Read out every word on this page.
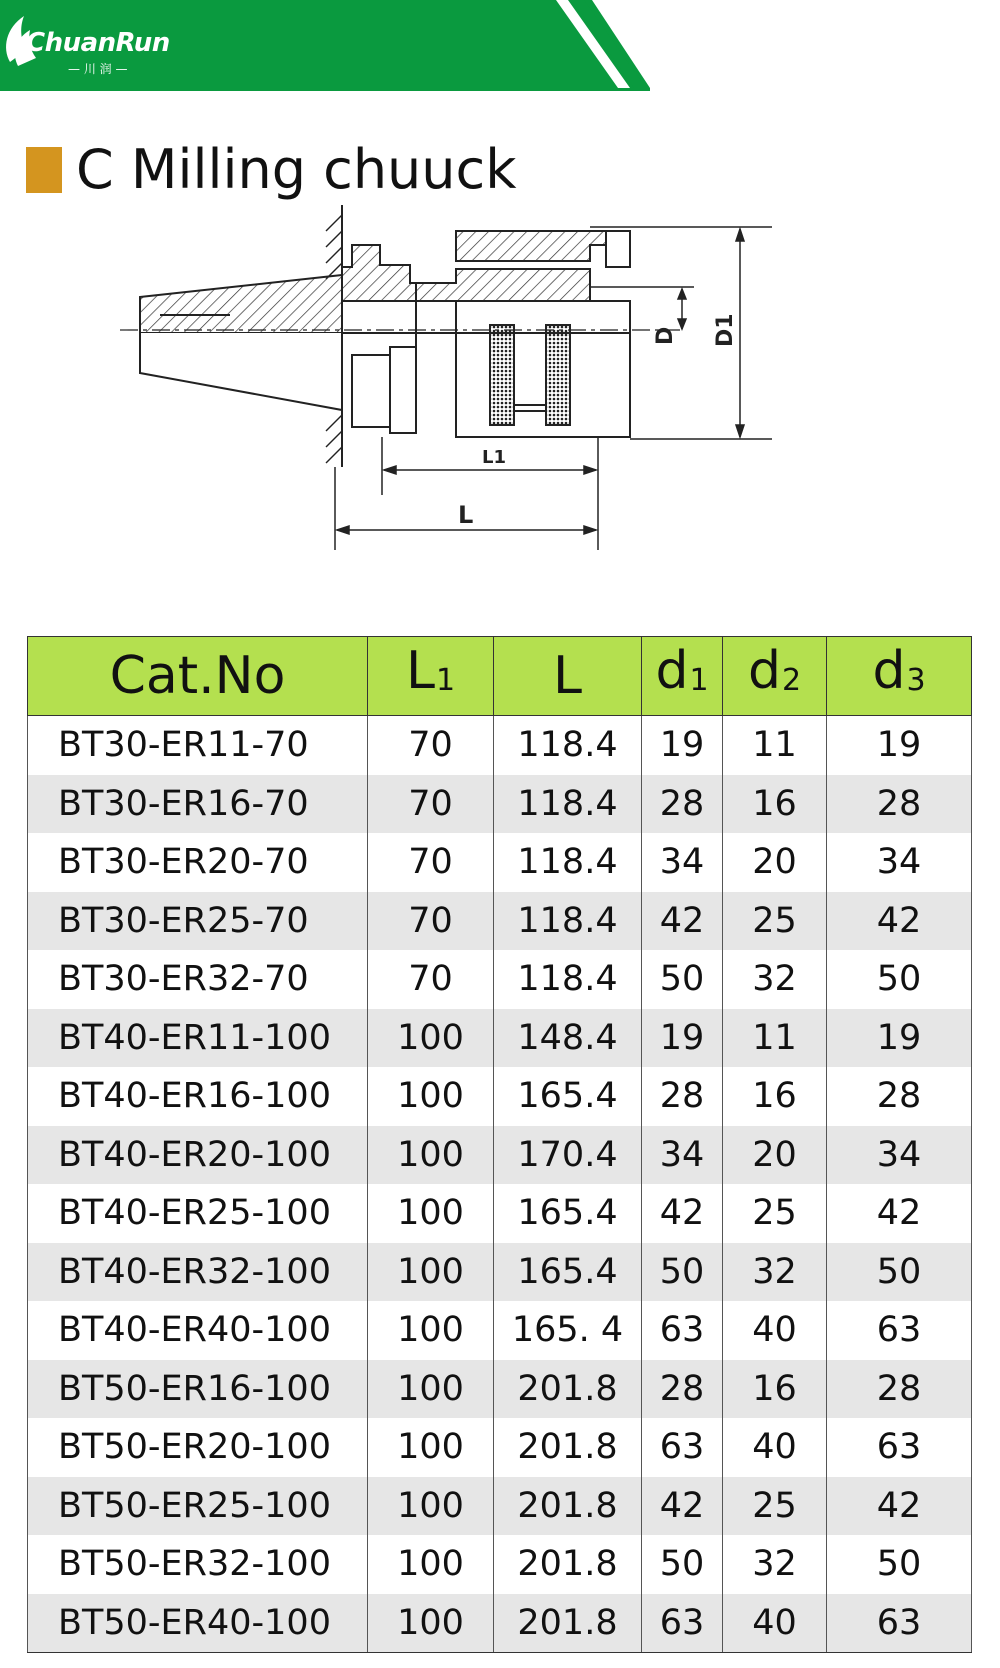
ChuanRun
— 川 润 —
C Milling chuuck
D D1
L1
L
Cat.No	L1	L	d1	d2	d3
BT30-ER11-70	70	118.4	19	11	19
BT30-ER16-70	70	118.4	28	16	28
BT30-ER20-70	70	118.4	34	20	34
BT30-ER25-70	70	118.4	42	25	42
BT30-ER32-70	70	118.4	50	32	50
BT40-ER11-100	100	148.4	19	11	19
BT40-ER16-100	100	165.4	28	16	28
BT40-ER20-100	100	170.4	34	20	34
BT40-ER25-100	100	165.4	42	25	42
BT40-ER32-100	100	165.4	50	32	50
BT40-ER40-100	100	165. 4	63	40	63
BT50-ER16-100	100	201.8	28	16	28
BT50-ER20-100	100	201.8	63	40	63
BT50-ER25-100	100	201.8	42	25	42
BT50-ER32-100	100	201.8	50	32	50
BT50-ER40-100	100	201.8	63	40	63
